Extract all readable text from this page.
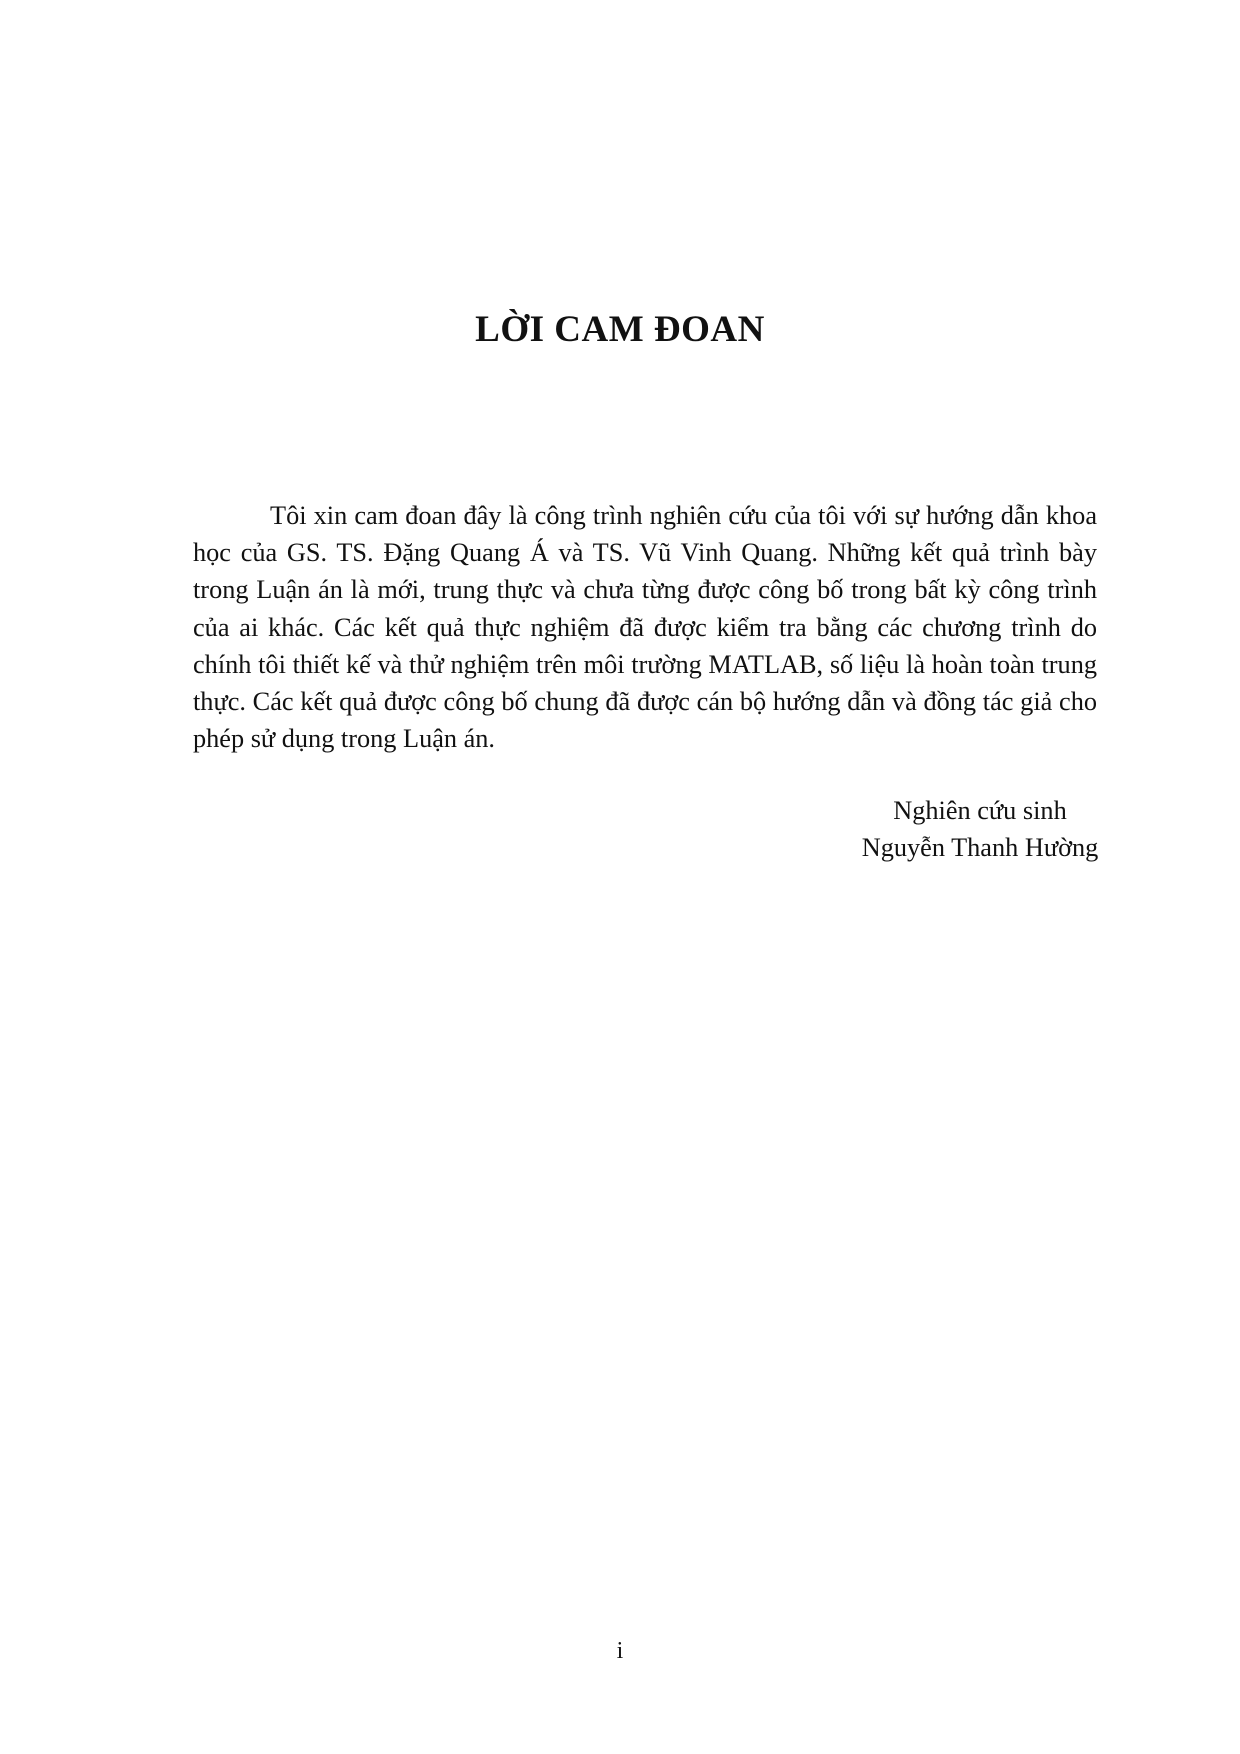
LỜI CAM ĐOAN

Tôi xin cam đoan đây là công trình nghiên cứu của tôi với sự hướng dẫn khoa học của GS. TS. Đặng Quang Á và TS. Vũ Vinh Quang. Những kết quả trình bày trong Luận án là mới, trung thực và chưa từng được công bố trong bất kỳ công trình của ai khác. Các kết quả thực nghiệm đã được kiểm tra bằng các chương trình do chính tôi thiết kế và thử nghiệm trên môi trường MATLAB, số liệu là hoàn toàn trung thực. Các kết quả được công bố chung đã được cán bộ hướng dẫn và đồng tác giả cho phép sử dụng trong Luận án.

Nghiên cứu sinh
Nguyễn Thanh Hường
i
